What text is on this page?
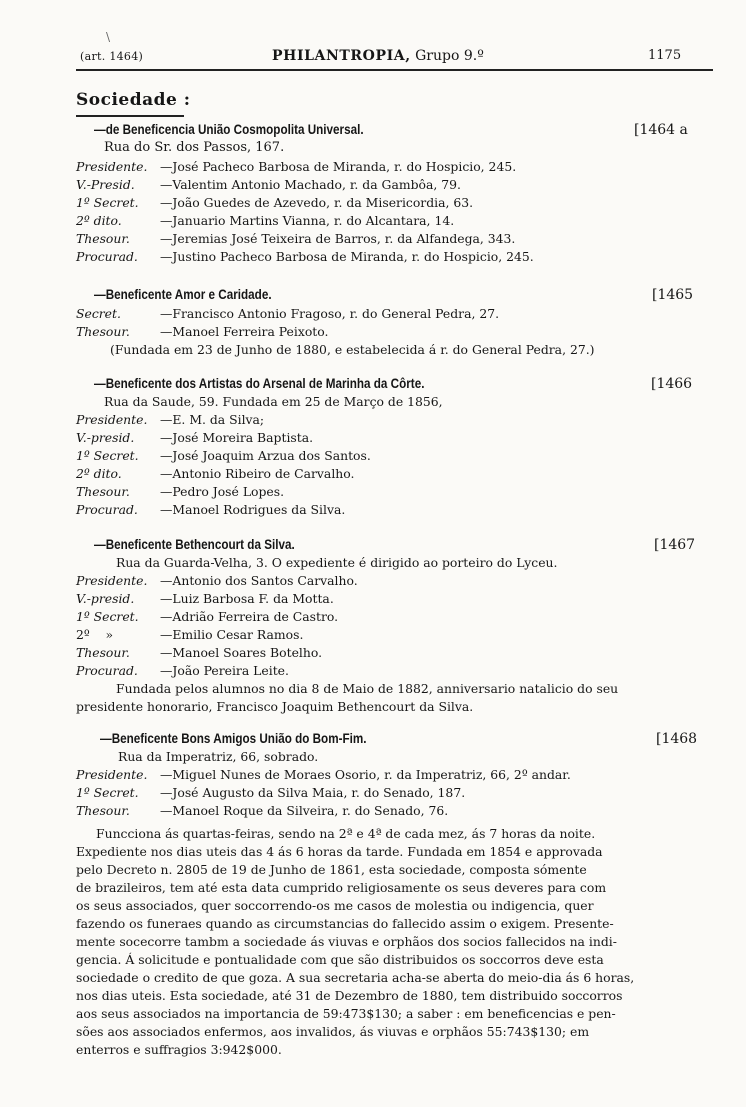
\
(art. 1464)	PHILANTROPIA, Grupo 9.º	1175
Sociedade :
—de Beneficencia União Cosmopolita Universal.	[1464 a
Rua do Sr. dos Passos, 167.
Presidente. —José Pacheco Barbosa de Miranda, r. do Hospicio, 245.
V.-Presid. —Valentim Antonio Machado, r. da Gambôa, 79.
1º Secret. —João Guedes de Azevedo, r. da Misericordia, 63.
2º dito.	—Januario Martins Vianna, r. do Alcantara, 14.
Thesour. —Jeremias José Teixeira de Barros, r. da Alfandega, 343.
Procurad. —Justino Pacheco Barbosa de Miranda, r. do Hospicio, 245.
—Beneficente Amor e Caridade.	[1465
Secret.	—Francisco Antonio Fragoso, r. do General Pedra, 27.
Thesour. —Manoel Ferreira Peixoto.
(Fundada em 23 de Junho de 1880, e estabelecida á r. do General Pedra, 27.)
—Beneficente dos Artistas do Arsenal de Marinha da Côrte.	[1466
Rua da Saude, 59. Fundada em 25 de Março de 1856,
Presidente. —E. M. da Silva;
V.-presid. —José Moreira Baptista.
1º Secret. —José Joaquim Arzua dos Santos.
2º dito.	—Antonio Ribeiro de Carvalho.
Thesour. —Pedro José Lopes.
Procurad. —Manoel Rodrigues da Silva.
—Beneficente Bethencourt da Silva.	[1467
Rua da Guarda-Velha, 3. O expediente é dirigido ao porteiro do Lyceu.
Presidente. —Antonio dos Santos Carvalho.
V.-presid. —Luiz Barbosa F. da Motta.
1º Secret. —Adrião Ferreira de Castro.
2º    »	—Emilio Cesar Ramos.
Thesour. —Manoel Soares Botelho.
Procurad. —João Pereira Leite.
Fundada pelos alumnos no dia 8 de Maio de 1882, anniversario natalicio do seu
presidente honorario, Francisco Joaquim Bethencourt da Silva.
—Beneficente Bons Amigos União do Bom-Fim.	[1468
Rua da Imperatriz, 66, sobrado.
Presidente. —Miguel Nunes de Moraes Osorio, r. da Imperatriz, 66, 2º andar.
1º Secret. —José Augusto da Silva Maia, r. do Senado, 187.
Thesour. —Manoel Roque da Silveira, r. do Senado, 76.
Funcciona ás quartas-feiras, sendo na 2ª e 4ª de cada mez, ás 7 horas da noite.
Expediente nos dias uteis das 4 ás 6 horas da tarde. Fundada em 1854 e approvada
pelo Decreto n. 2805 de 19 de Junho de 1861, esta sociedade, composta sómente
de brazileiros, tem até esta data cumprido religiosamente os seus deveres para com
os seus associados, quer soccorrendo-os me casos de molestia ou indigencia, quer
fazendo os funeraes quando as circumstancias do fallecido assim o exigem. Presente-
mente socecorre tambm a sociedade ás viuvas e orphãos dos socios fallecidos na indi-
gencia. Á solicitude e pontualidade com que são distribuidos os soccorros deve esta
sociedade o credito de que goza. A sua secretaria acha-se aberta do meio-dia ás 6 horas,
nos dias uteis. Esta sociedade, até 31 de Dezembro de 1880, tem distribuido soccorros
aos seus associados na importancia de 59:473$130; a saber : em beneficencias e pen-
sões aos associados enfermos, aos invalidos, ás viuvas e orphãos 55:743$130; em
enterros e suffragios 3:942$000.
